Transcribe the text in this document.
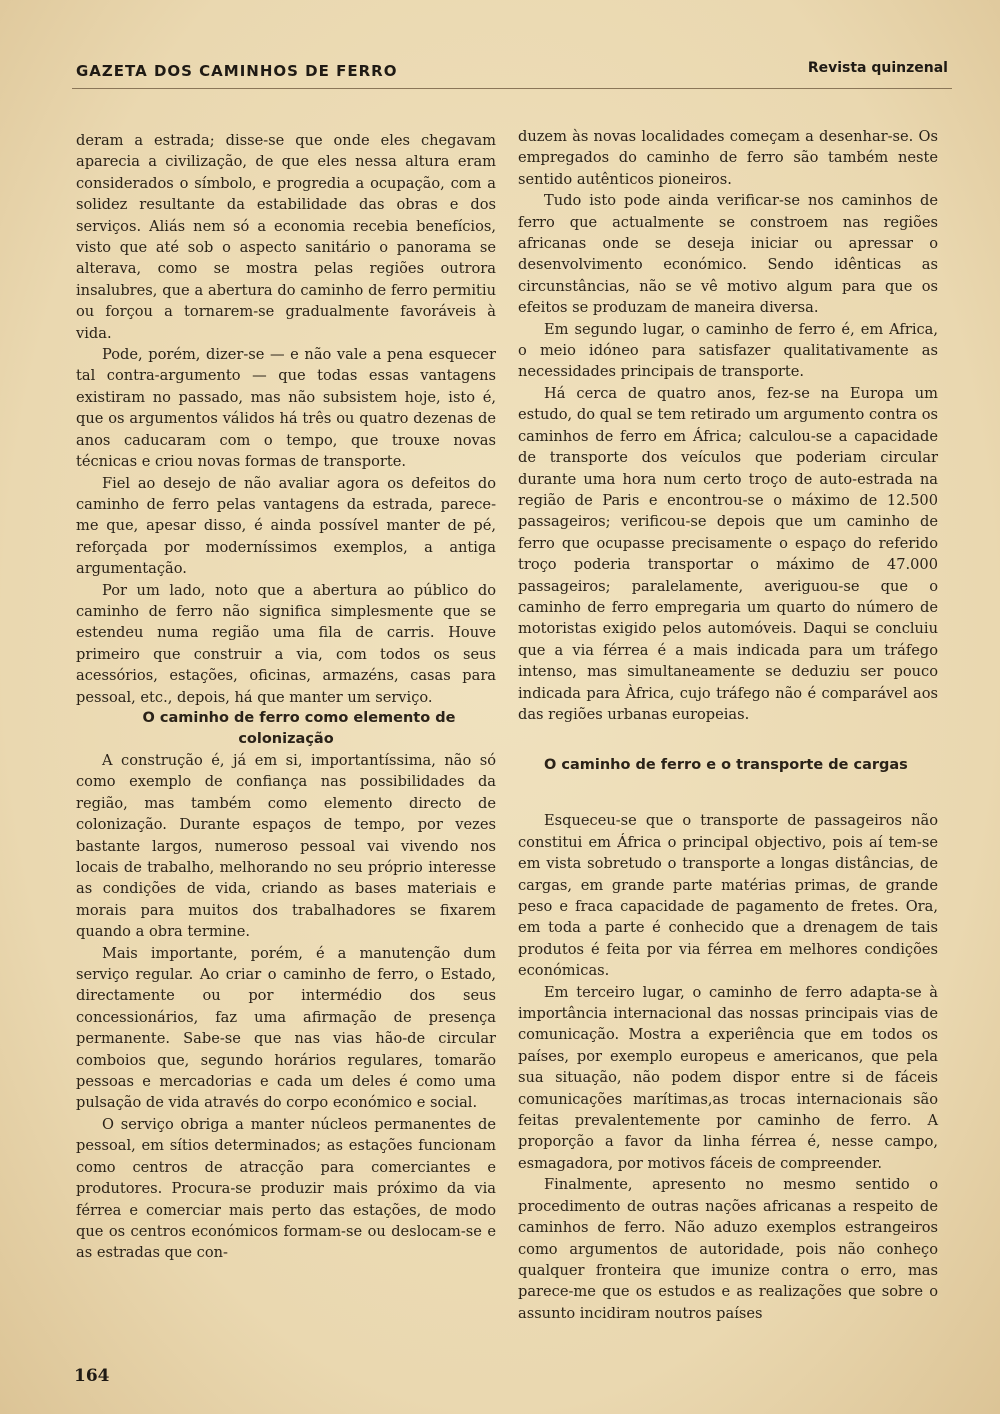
GAZETA DOS CAMINHOS DE FERRO	Revista quinzenal

deram a estrada; disse-se que onde eles chegavam aparecia a civilização, de que eles nessa altura eram considerados o símbolo, e progredia a ocupação, com a solidez resultante da estabilidade das obras e dos serviços. Aliás nem só a economia recebia benefícios, visto que até sob o aspecto sanitário o panorama se alterava, como se mostra pelas regiões outrora insalubres, que a abertura do caminho de ferro permitiu ou forçou a tornarem-se gradualmente favoráveis à vida.

Pode, porém, dizer-se — e não vale a pena esquecer tal contra-argumento — que todas essas vantagens existiram no passado, mas não subsistem hoje, isto é, que os argumentos válidos há três ou quatro dezenas de anos caducaram com o tempo, que trouxe novas técnicas e criou novas formas de transporte.

Fiel ao desejo de não avaliar agora os defeitos do caminho de ferro pelas vantagens da estrada, parece-me que, apesar disso, é ainda possível manter de pé, reforçada por moderníssimos exemplos, a antiga argumentação.

Por um lado, noto que a abertura ao público do caminho de ferro não significa simplesmente que se estendeu numa região uma fila de carris. Houve primeiro que construir a via, com todos os seus acessórios, estações, oficinas, armazéns, casas para pessoal, etc., depois, há que manter um serviço.

O caminho de ferro como elemento de colonização

A construção é, já em si, importantíssima, não só como exemplo de confiança nas possibilidades da região, mas também como elemento directo de colonização. Durante espaços de tempo, por vezes bastante largos, numeroso pessoal vai vivendo nos locais de trabalho, melhorando no seu próprio interesse as condições de vida, criando as bases materiais e morais para muitos dos trabalhadores se fixarem quando a obra termine.

Mais importante, porém, é a manutenção dum serviço regular. Ao criar o caminho de ferro, o Estado, directamente ou por intermédio dos seus concessionários, faz uma afirmação de presença permanente. Sabe-se que nas vias hão-de circular comboios que, segundo horários regulares, tomarão pessoas e mercadorias e cada um deles é como uma pulsação de vida através do corpo económico e social.

O serviço obriga a manter núcleos permanentes de pessoal, em sítios determinados; as estações funcionam como centros de atracção para comerciantes e produtores. Procura-se produzir mais próximo da via férrea e comerciar mais perto das estações, de modo que os centros económicos formam-se ou deslocam-se e as estradas que con-

duzem às novas localidades começam a desenhar-se. Os empregados do caminho de ferro são também neste sentido autênticos pioneiros.

Tudo isto pode ainda verificar-se nos caminhos de ferro que actualmente se constroem nas regiões africanas onde se deseja iniciar ou apressar o desenvolvimento económico. Sendo idênticas as circunstâncias, não se vê motivo algum para que os efeitos se produzam de maneira diversa.

Em segundo lugar, o caminho de ferro é, em Africa, o meio idóneo para satisfazer qualitativamente as necessidades principais de transporte.

Há cerca de quatro anos, fez-se na Europa um estudo, do qual se tem retirado um argumento contra os caminhos de ferro em África; calculou-se a capacidade de transporte dos veículos que poderiam circular durante uma hora num certo troço de auto-estrada na região de Paris e encontrou-se o máximo de 12.500 passageiros; verificou-se depois que um caminho de ferro que ocupasse precisamente o espaço do referido troço poderia transportar o máximo de 47.000 passageiros; paralelamente, averiguou-se que o caminho de ferro empregaria um quarto do número de motoristas exigido pelos automóveis. Daqui se concluiu que a via férrea é a mais indicada para um tráfego intenso, mas simultaneamente se deduziu ser pouco indicada para Àfrica, cujo tráfego não é comparável aos das regiões urbanas europeias.

O caminho de ferro e o transporte de cargas

Esqueceu-se que o transporte de passageiros não constitui em África o principal objectivo, pois aí tem-se em vista sobretudo o transporte a longas distâncias, de cargas, em grande parte matérias primas, de grande peso e fraca capacidade de pagamento de fretes. Ora, em toda a parte é conhecido que a drenagem de tais produtos é feita por via férrea em melhores condições económicas.

Em terceiro lugar, o caminho de ferro adapta-se à importância internacional das nossas principais vias de comunicação. Mostra a experiência que em todos os países, por exemplo europeus e americanos, que pela sua situação, não podem dispor entre si de fáceis comunicações marítimas,as trocas internacionais são feitas prevalentemente por caminho de ferro. A proporção a favor da linha férrea é, nesse campo, esmagadora, por motivos fáceis de compreender.

Finalmente, apresento no mesmo sentido o procedimento de outras nações africanas a respeito de caminhos de ferro. Não aduzo exemplos estrangeiros como argumentos de autoridade, pois não conheço qualquer fronteira que imunize contra o erro, mas parece-me que os estudos e as realizações que sobre o assunto incidiram noutros países

164
